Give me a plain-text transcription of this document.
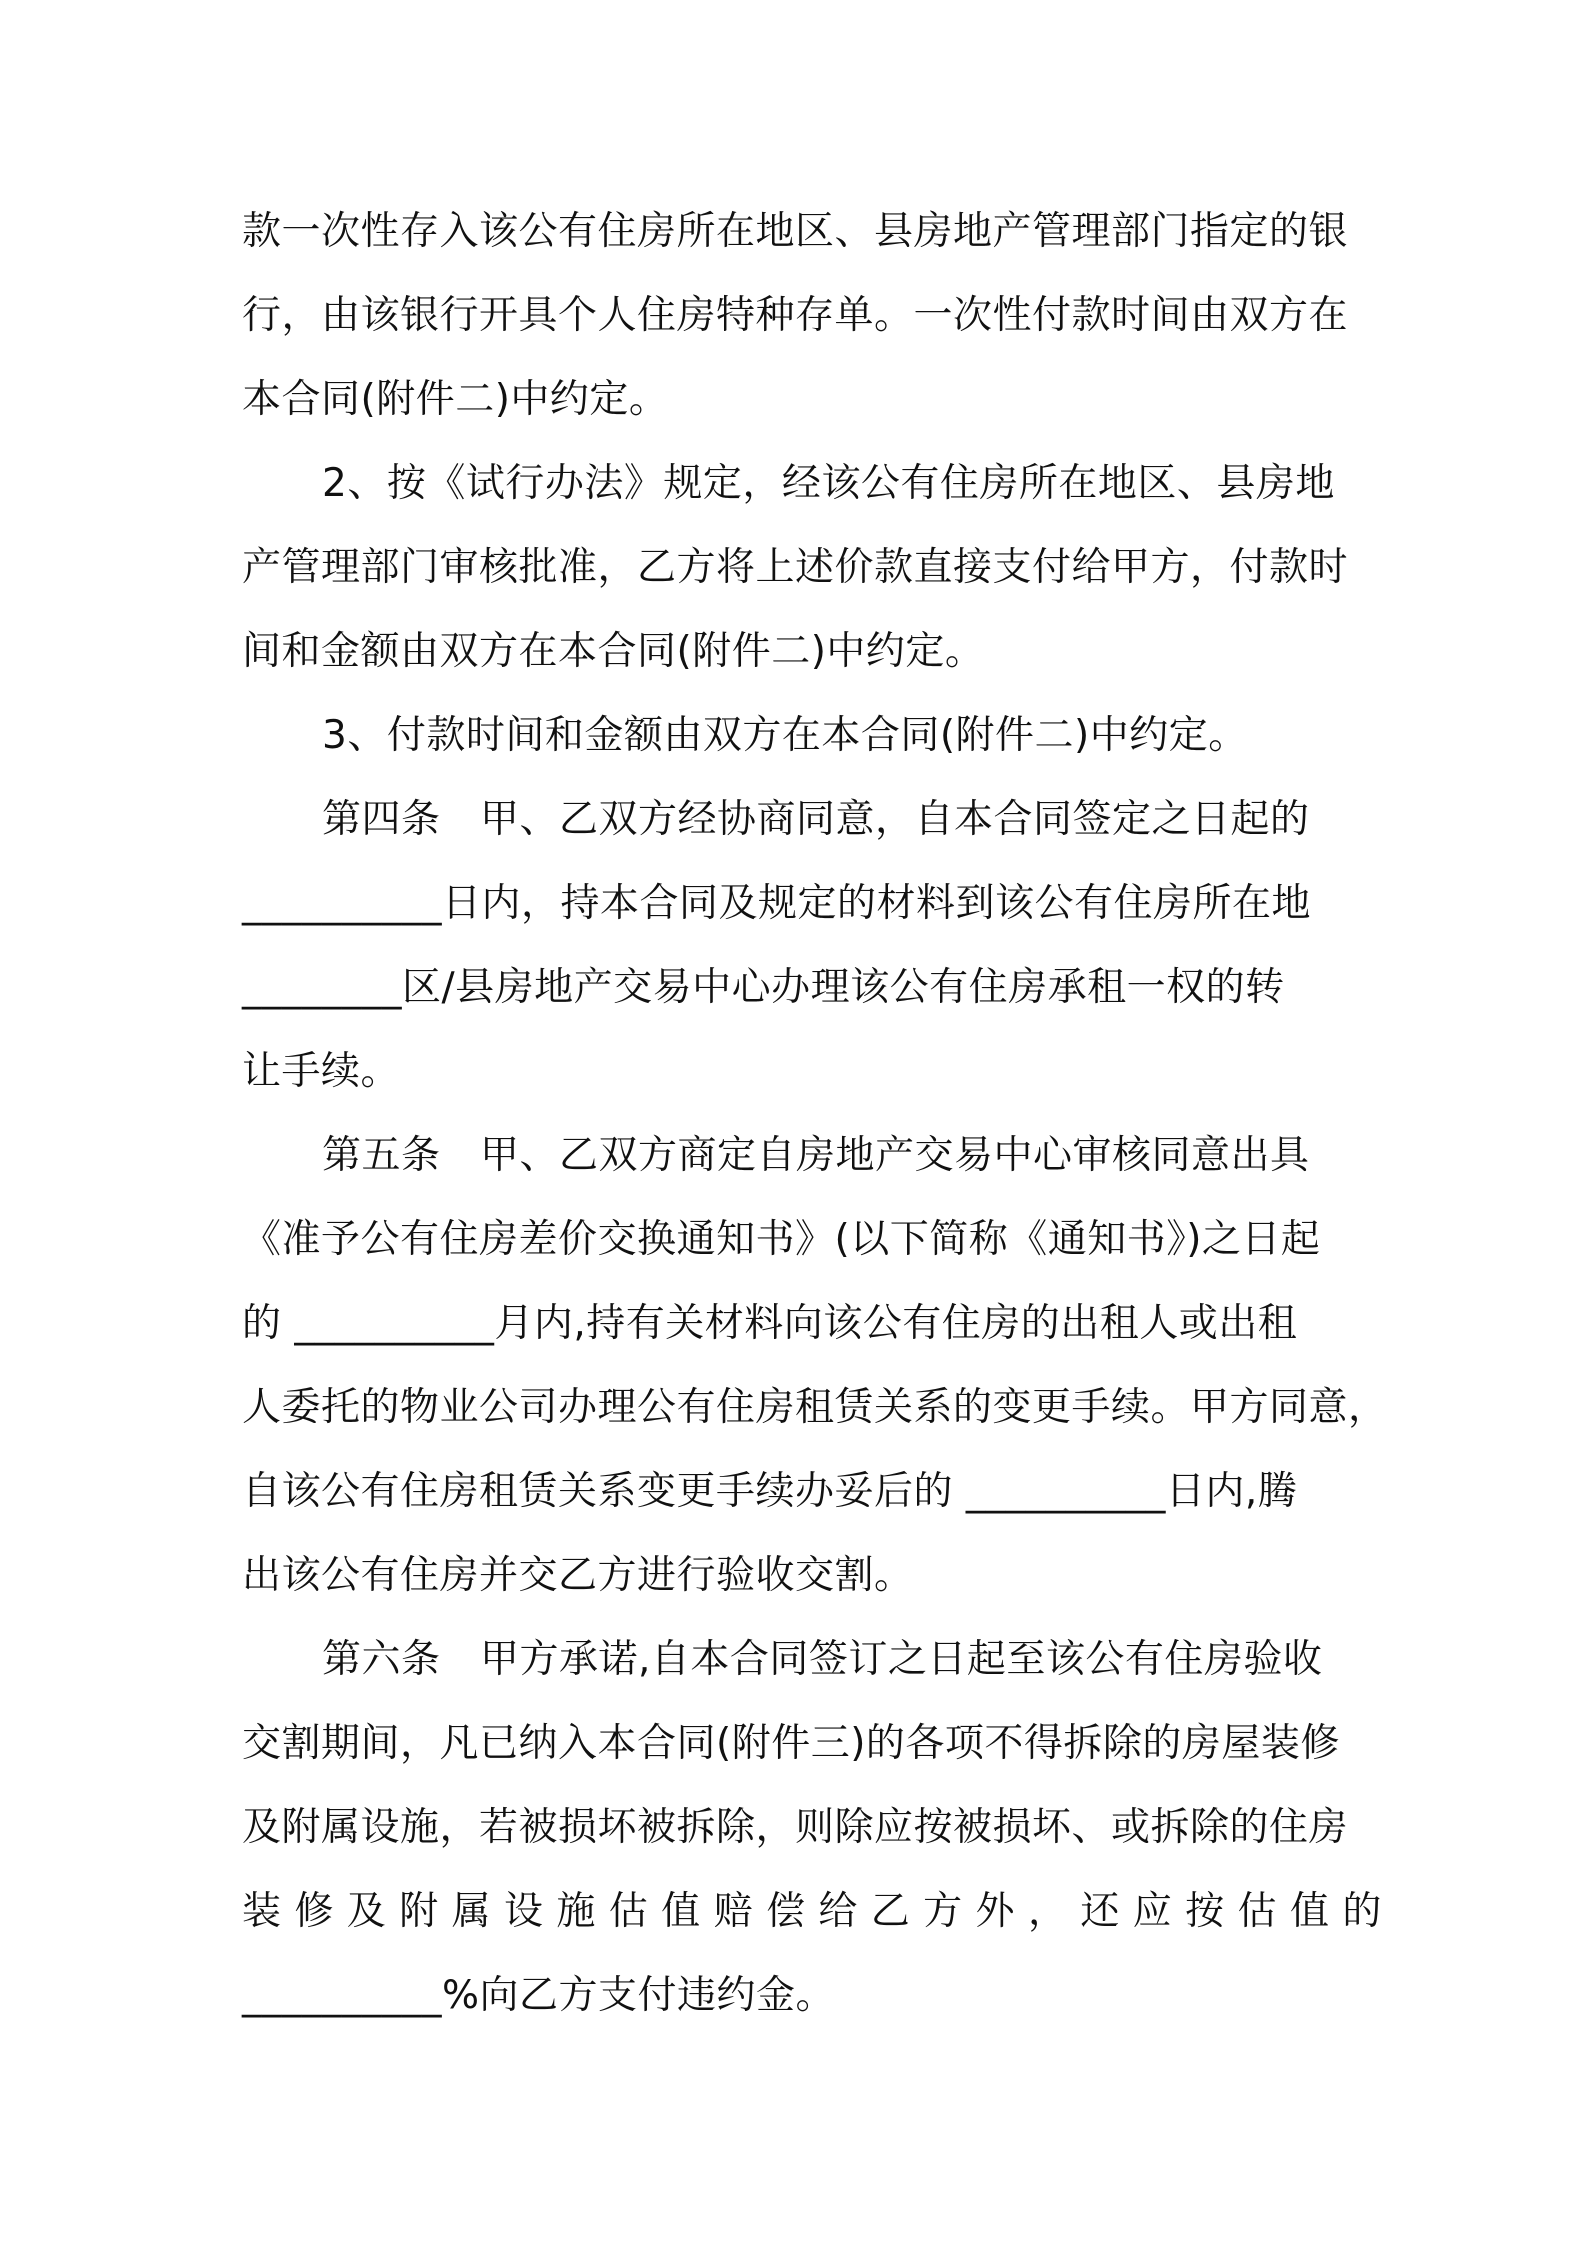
款一次性存入该公有住房所在地区、县房地产管理部门指定的银
行，由该银行开具个人住房特种存单。一次性付款时间由双方在
本合同(附件二)中约定。
2、按《试行办法》规定，经该公有住房所在地区、县房地
产管理部门审核批准，乙方将上述价款直接支付给甲方，付款时
间和金额由双方在本合同(附件二)中约定。
3、付款时间和金额由双方在本合同(附件二)中约定。
第四条　甲、乙双方经协商同意，自本合同签定之日起的
__________日内，持本合同及规定的材料到该公有住房所在地
________区/县房地产交易中心办理该公有住房承租一权的转
让手续。
第五条　甲、乙双方商定自房地产交易中心审核同意出具
《准予公有住房差价交换通知书》(以下简称《通知书》)之日起
的 __________月内,持有关材料向该公有住房的出租人或出租
人委托的物业公司办理公有住房租赁关系的变更手续。甲方同意，
自该公有住房租赁关系变更手续办妥后的 __________日内,腾
出该公有住房并交乙方进行验收交割。
第六条　甲方承诺,自本合同签订之日起至该公有住房验收
交割期间，凡已纳入本合同(附件三)的各项不得拆除的房屋装修
及附属设施，若被损坏被拆除，则除应按被损坏、或拆除的住房
装 修 及 附 属 设 施 估 值 赔 偿 给 乙 方 外 ， 还 应 按 估 值 的
__________%向乙方支付违约金。
